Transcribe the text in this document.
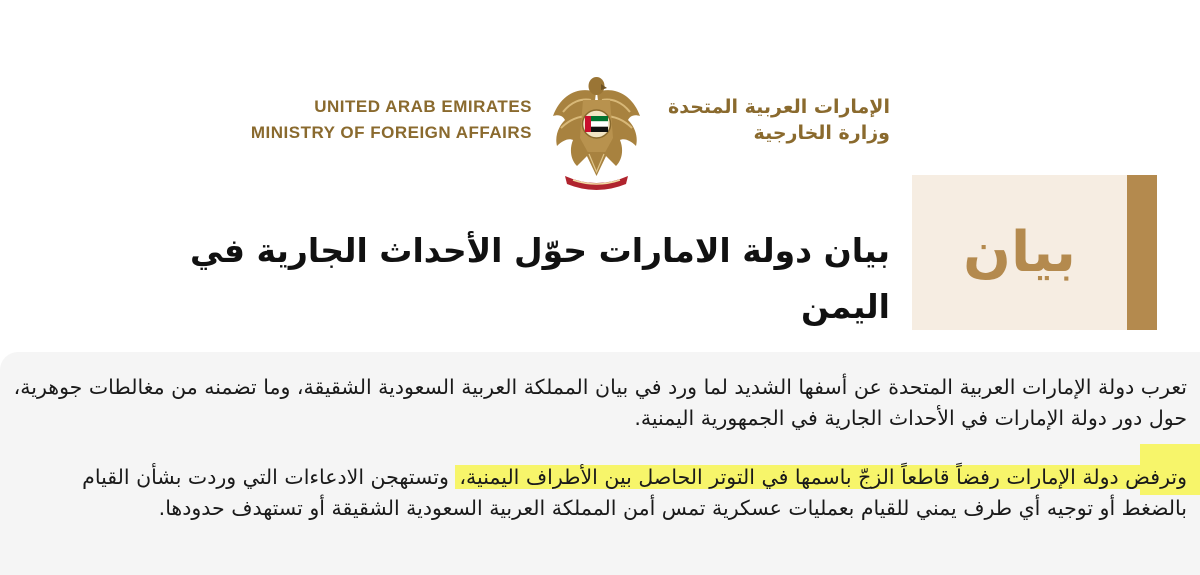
UNITED ARAB EMIRATES
MINISTRY OF FOREIGN AFFAIRS
الإمارات العربية المتحدة
وزارة الخارجية
بيان دولة الامارات حوّل الأحداث الجارية في اليمن
بيان

تعرب دولة الإمارات العربية المتحدة عن أسفها الشديد لما ورد في بيان المملكة العربية السعودية الشقيقة، وما تضمنه من مغالطات جوهرية، حول دور دولة الإمارات في الأحداث الجارية في الجمهورية اليمنية.

وترفض دولة الإمارات رفضاً قاطعاً الزجّ باسمها في التوتر الحاصل بين الأطراف اليمنية، وتستهجن الادعاءات التي وردت بشأن القيام بالضغط أو توجيه أي طرف يمني للقيام بعمليات عسكرية تمس أمن المملكة العربية السعودية الشقيقة أو تستهدف حدودها.
